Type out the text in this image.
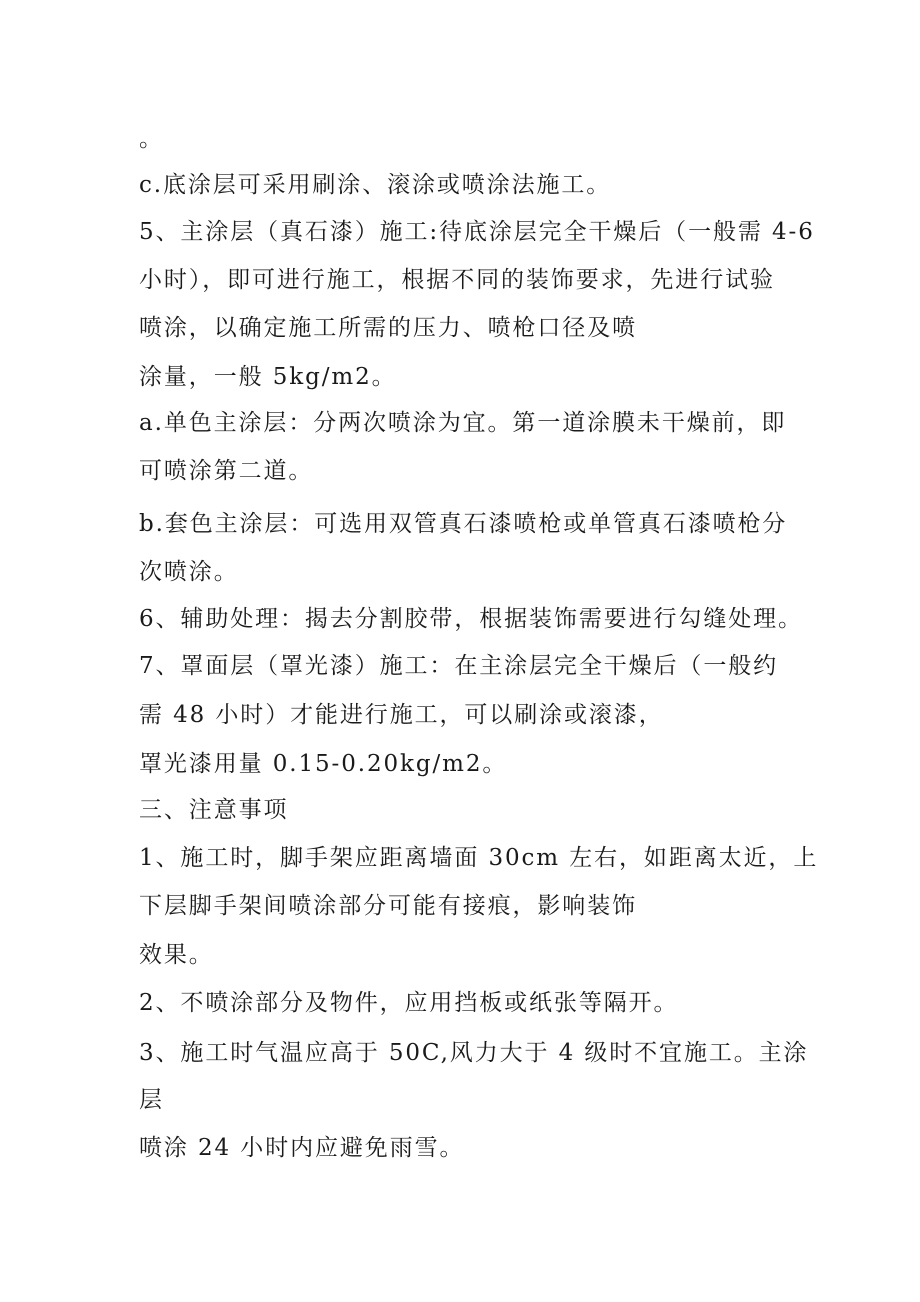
。

c.底涂层可采用刷涂、滚涂或喷涂法施工。

5、主涂层（真石漆）施工:待底涂层完全干燥后（一般需 4-6

小时），即可进行施工，根据不同的装饰要求，先进行试验

喷涂，以确定施工所需的压力、喷枪口径及喷

涂量，一般 5kg/m2。

a.单色主涂层：分两次喷涂为宜。第一道涂膜未干燥前，即

可喷涂第二道。

b.套色主涂层：可选用双管真石漆喷枪或单管真石漆喷枪分

次喷涂。

6、辅助处理：揭去分割胶带，根据装饰需要进行勾缝处理。

7、罩面层（罩光漆）施工：在主涂层完全干燥后（一般约

需 48 小时）才能进行施工，可以刷涂或滚漆，

罩光漆用量 0.15-0.20kg/m2。

三、注意事项

1、施工时，脚手架应距离墙面 30cm 左右，如距离太近，上

下层脚手架间喷涂部分可能有接痕，影响装饰

效果。

2、不喷涂部分及物件，应用挡板或纸张等隔开。

3、施工时气温应高于 50C,风力大于 4 级时不宜施工。主涂

层

喷涂 24 小时内应避免雨雪。
